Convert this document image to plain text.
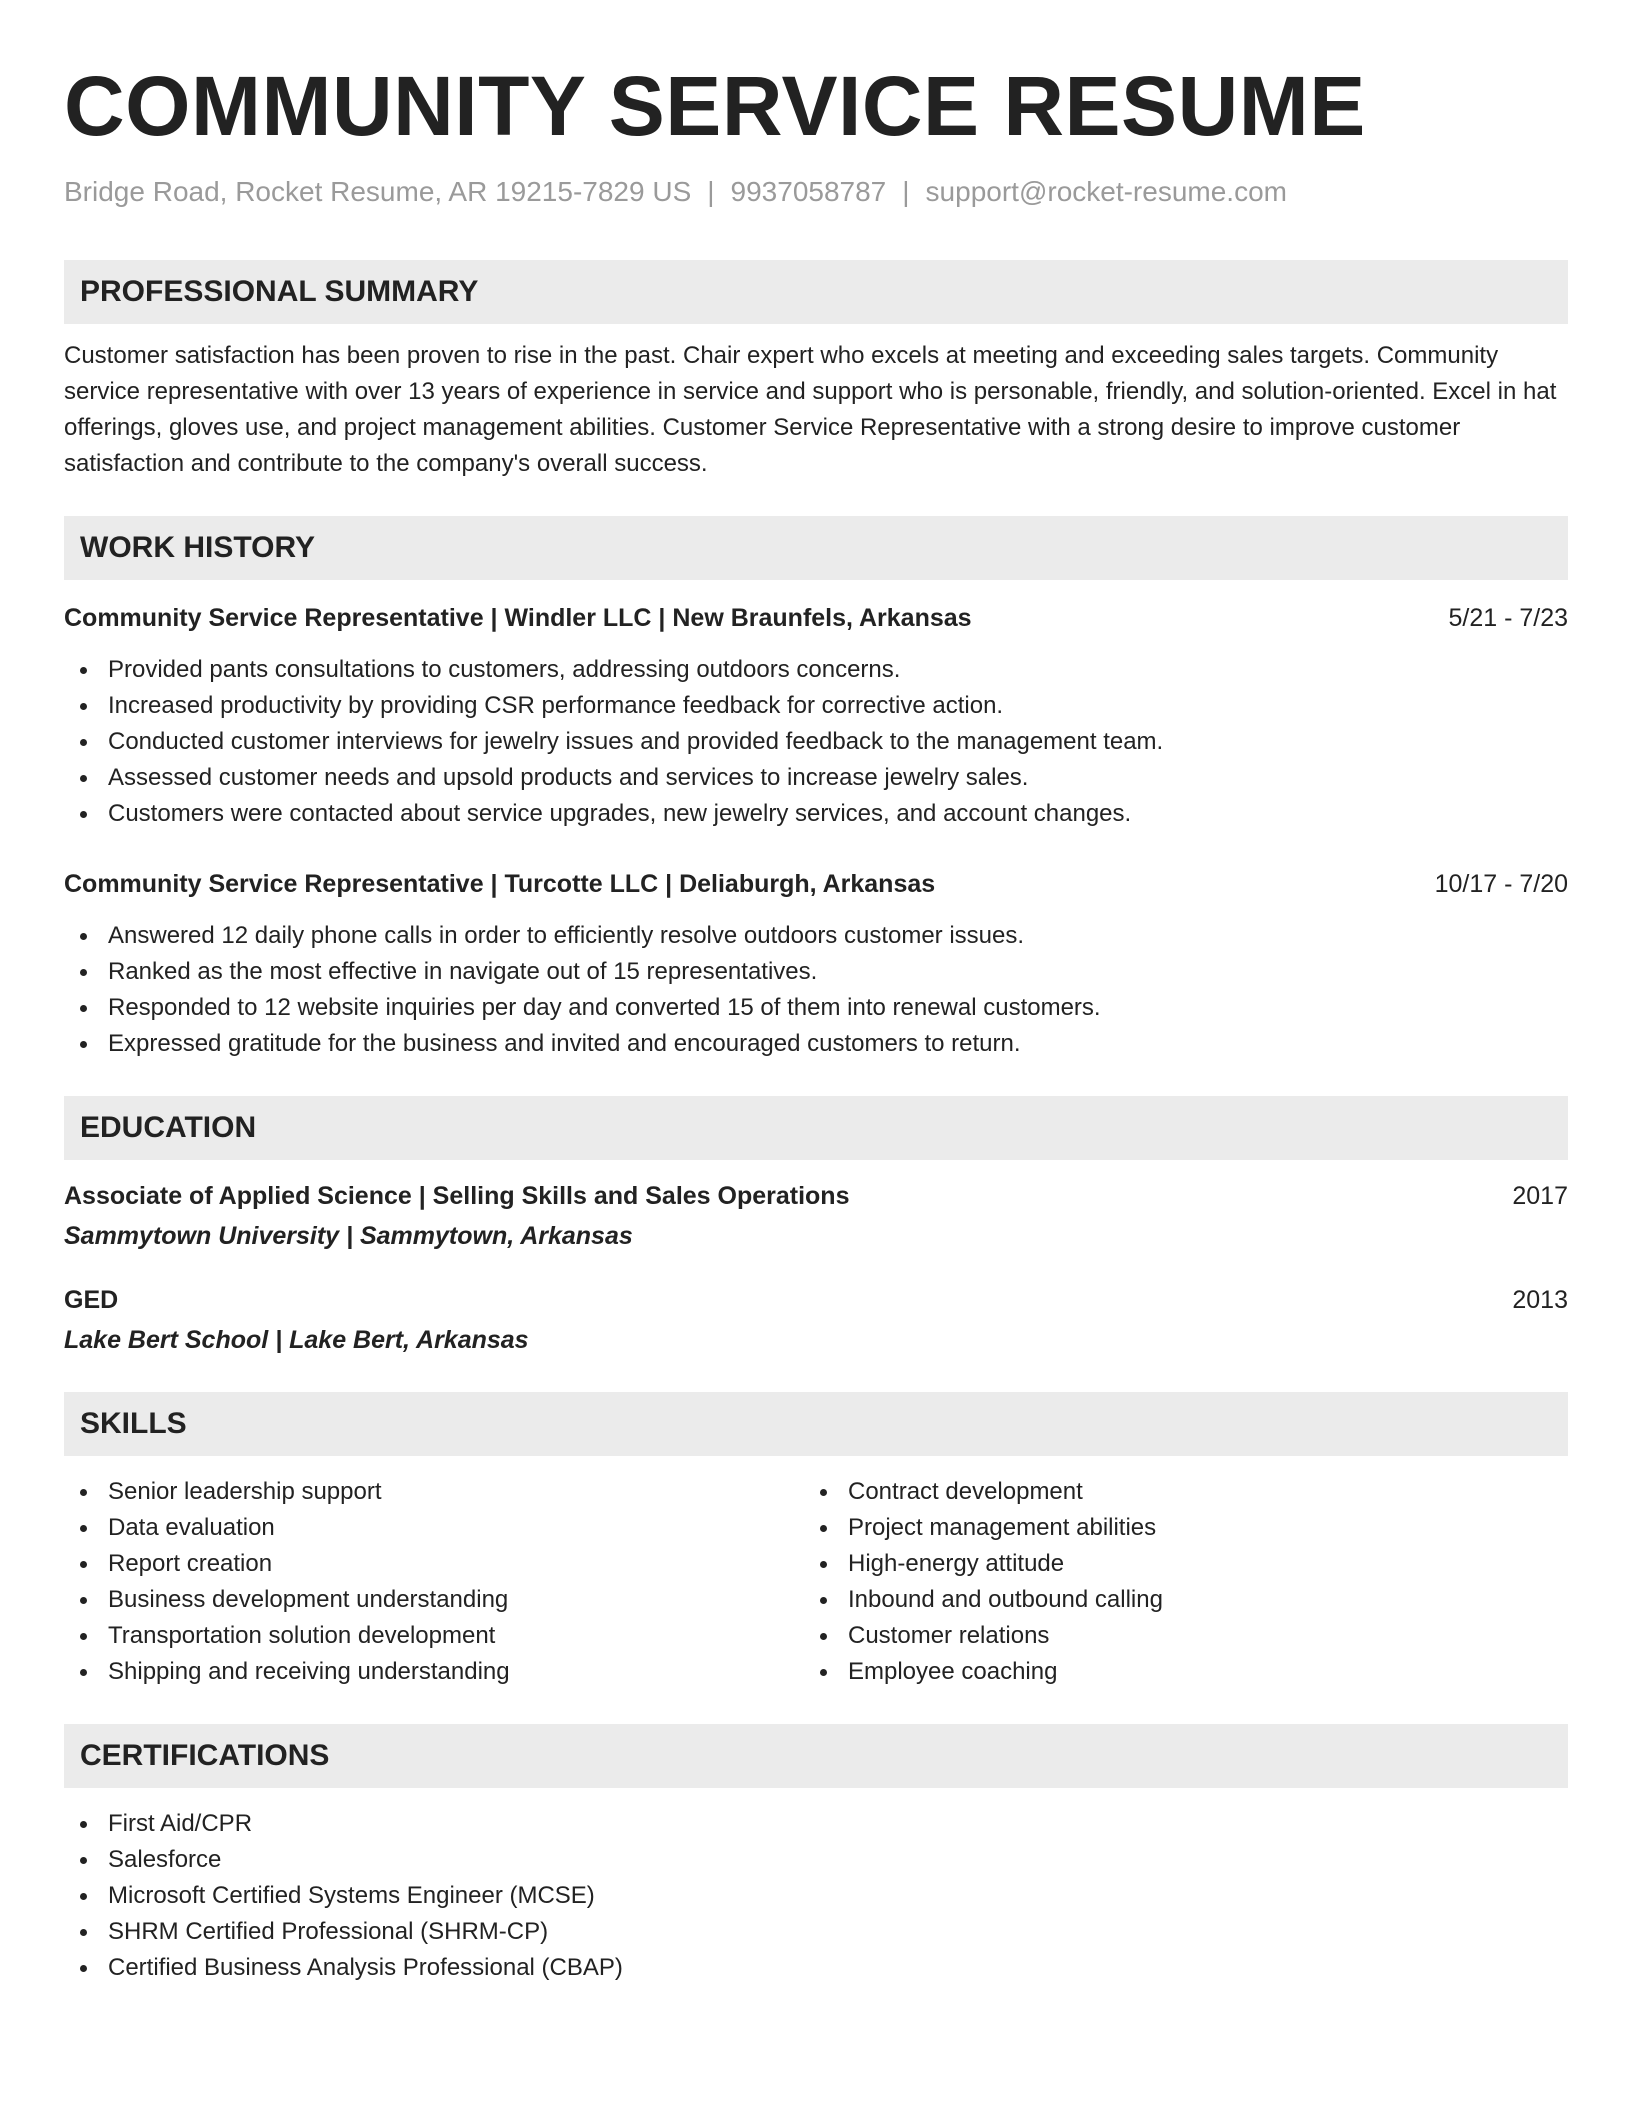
COMMUNITY SERVICE RESUME
Bridge Road, Rocket Resume, AR 19215-7829 US | 9937058787 | support@rocket-resume.com
PROFESSIONAL SUMMARY
Customer satisfaction has been proven to rise in the past. Chair expert who excels at meeting and exceeding sales targets. Community service representative with over 13 years of experience in service and support who is personable, friendly, and solution-oriented. Excel in hat offerings, gloves use, and project management abilities. Customer Service Representative with a strong desire to improve customer satisfaction and contribute to the company's overall success.
WORK HISTORY
Community Service Representative | Windler LLC | New Braunfels, Arkansas	5/21 - 7/23
Provided pants consultations to customers, addressing outdoors concerns.
Increased productivity by providing CSR performance feedback for corrective action.
Conducted customer interviews for jewelry issues and provided feedback to the management team.
Assessed customer needs and upsold products and services to increase jewelry sales.
Customers were contacted about service upgrades, new jewelry services, and account changes.
Community Service Representative | Turcotte LLC | Deliaburgh, Arkansas	10/17 - 7/20
Answered 12 daily phone calls in order to efficiently resolve outdoors customer issues.
Ranked as the most effective in navigate out of 15 representatives.
Responded to 12 website inquiries per day and converted 15 of them into renewal customers.
Expressed gratitude for the business and invited and encouraged customers to return.
EDUCATION
Associate of Applied Science | Selling Skills and Sales Operations	2017
Sammytown University | Sammytown, Arkansas
GED	2013
Lake Bert School | Lake Bert, Arkansas
SKILLS
Senior leadership support
Data evaluation
Report creation
Business development understanding
Transportation solution development
Shipping and receiving understanding
Contract development
Project management abilities
High-energy attitude
Inbound and outbound calling
Customer relations
Employee coaching
CERTIFICATIONS
First Aid/CPR
Salesforce
Microsoft Certified Systems Engineer (MCSE)
SHRM Certified Professional (SHRM-CP)
Certified Business Analysis Professional (CBAP)
